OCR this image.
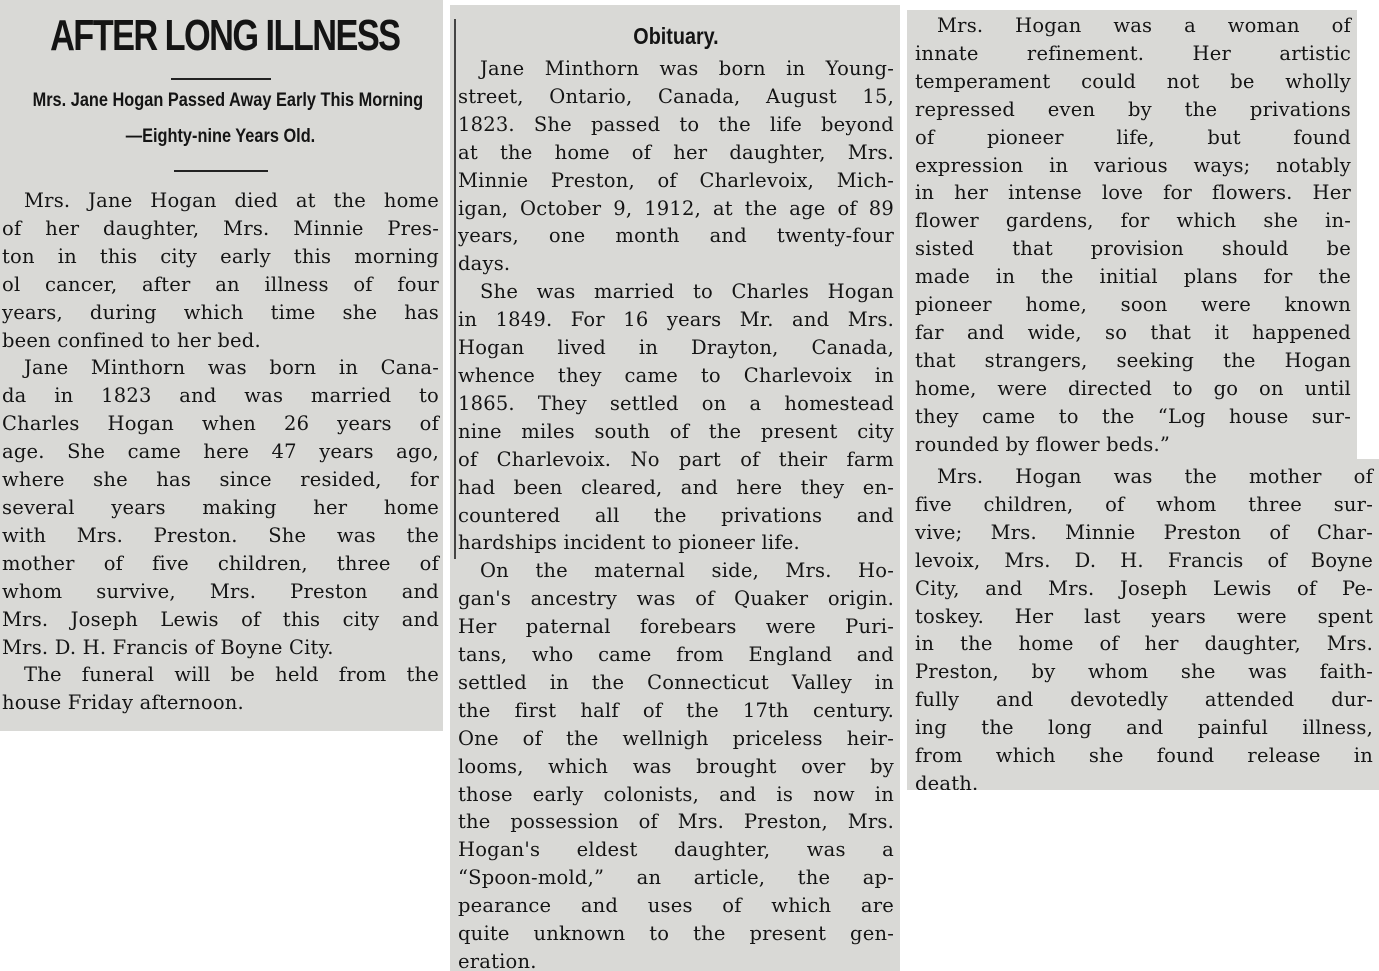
AFTER LONG ILLNESS
Mrs. Jane Hogan Passed Away Early This Morning
—Eighty-nine Years Old.

Mrs. Jane Hogan died at the home

of her daughter, Mrs. Minnie Pres-

ton in this city early this morning

ol cancer, after an illness of four

years, during which time she has

been confined to her bed.

Jane Minthorn was born in Cana-

da in 1823 and was married to

Charles Hogan when 26 years of

age. She came here 47 years ago,

where she has since resided, for

several years making her home

with Mrs. Preston. She was the

mother of five children, three of

whom survive, Mrs. Preston and

Mrs. Joseph Lewis of this city and

Mrs. D. H. Francis of Boyne City.

The funeral will be held from the

house Friday afternoon.

Obituary.

Jane Minthorn was born in Young-

street, Ontario, Canada, August 15,

1823. She passed to the life beyond

at the home of her daughter, Mrs.

Minnie Preston, of Charlevoix, Mich-

igan, October 9, 1912, at the age of 89

years, one month and twenty-four

days.

She was married to Charles Hogan

in 1849. For 16 years Mr. and Mrs.

Hogan lived in Drayton, Canada,

whence they came to Charlevoix in

1865. They settled on a homestead

nine miles south of the present city

of Charlevoix. No part of their farm

had been cleared, and here they en-

countered all the privations and

hardships incident to pioneer life.

On the maternal side, Mrs. Ho-

gan's ancestry was of Quaker origin.

Her paternal forebears were Puri-

tans, who came from England and

settled in the Connecticut Valley in

the first half of the 17th century.

One of the wellnigh priceless heir-

looms, which was brought over by

those early colonists, and is now in

the possession of Mrs. Preston, Mrs.

Hogan's eldest daughter, was a

“Spoon-mold,” an article, the ap-

pearance and uses of which are

quite unknown to the present gen-

eration.

Mrs. Hogan was a woman of

innate refinement. Her artistic

temperament could not be wholly

repressed even by the privations

of pioneer life, but found

expression in various ways; notably

in her intense love for flowers. Her

flower gardens, for which she in-

sisted that provision should be

made in the initial plans for the

pioneer home, soon were known

far and wide, so that it happened

that strangers, seeking the Hogan

home, were directed to go on until

they came to the “Log house sur-

rounded by flower beds.”

Mrs. Hogan was the mother of

five children, of whom three sur-

vive; Mrs. Minnie Preston of Char-

levoix, Mrs. D. H. Francis of Boyne

City, and Mrs. Joseph Lewis of Pe-

toskey. Her last years were spent

in the home of her daughter, Mrs.

Preston, by whom she was faith-

fully and devotedly attended dur-

ing the long and painful illness,

from which she found release in

death.
